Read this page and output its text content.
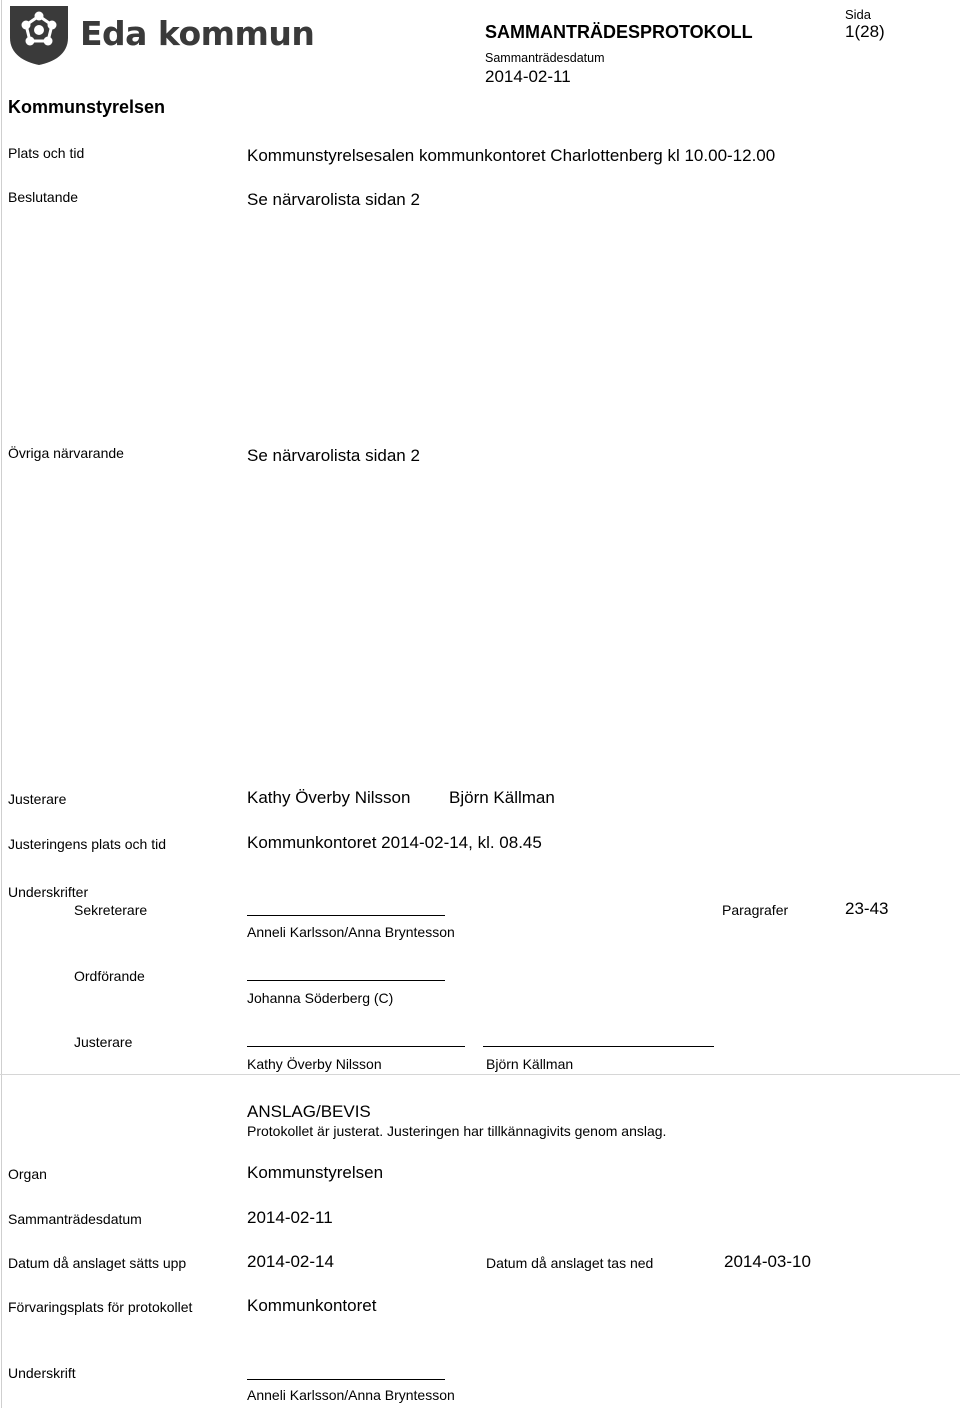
Eda kommun	SAMMANTRÄDESPROTOKOLL
Sammanträdesdatum
2014-02-11
Sida
1(28)
Kommunstyrelsen
Plats och tid	Kommunstyrelsesalen kommunkontoret Charlottenberg kl 10.00-12.00
Beslutande	Se närvarolista sidan 2
Övriga närvarande	Se närvarolista sidan 2
Justerare	Kathy Överby Nilsson Björn Källman
Justeringens plats och tid	Kommunkontoret 2014-02-14, kl. 08.45
Underskrifter
Sekreterare
Anneli Karlsson/Anna Bryntesson
Paragrafer	23-43
Ordförande
Johanna Söderberg (C)
Justerare
Kathy Överby Nilsson	Björn Källman
ANSLAG/BEVIS
Protokollet är justerat. Justeringen har tillkännagivits genom anslag.
Organ	Kommunstyrelsen
Sammanträdesdatum	2014-02-11
Datum då anslaget sätts upp	2014-02-14	Datum då anslaget tas ned	2014-03-10
Förvaringsplats för protokollet	Kommunkontoret
Underskrift
Anneli Karlsson/Anna Bryntesson
